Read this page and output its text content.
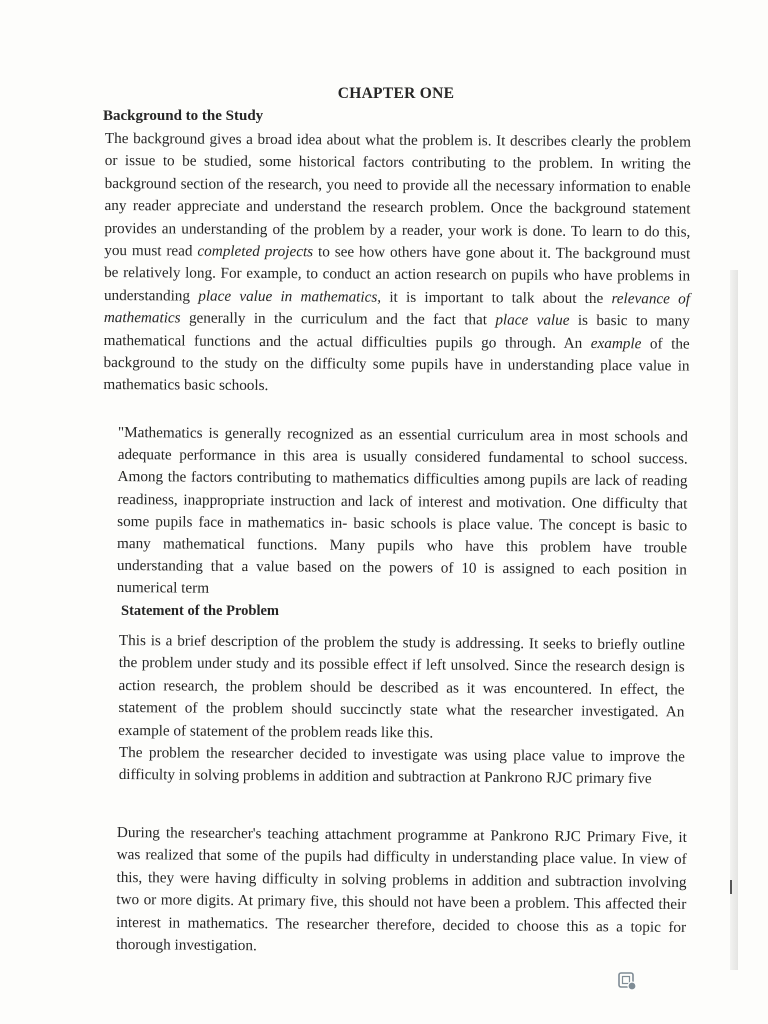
CHAPTER ONE
Background to the Study

The background gives a broad idea about what the problem is. It describes clearly the problem or issue to be studied, some historical factors contributing to the problem. In writing the background section of the research, you need to provide all the necessary information to enable any reader appreciate and understand the research problem. Once the background statement provides an understanding of the problem by a reader, your work is done. To learn to do this, you must read completed projects to see how others have gone about it. The background must be relatively long. For example, to conduct an action research on pupils who have problems in understanding place value in mathematics, it is important to talk about the relevance of mathematics generally in the curriculum and the fact that place value is basic to many mathematical functions and the actual difficulties pupils go through. An example of the background to the study on the difficulty some pupils have in understanding place value in mathematics basic schools.

"Mathematics is generally recognized as an essential curriculum area in most schools and adequate performance in this area is usually considered fundamental to school success. Among the factors contributing to mathematics difficulties among pupils are lack of reading readiness, inappropriate instruction and lack of interest and motivation. One difficulty that some pupils face in mathematics in- basic schools is place value. The concept is basic to many mathematical functions. Many pupils who have this problem have trouble understanding that a value based on the powers of 10 is assigned to each position in numerical term

Statement of the Problem

This is a brief description of the problem the study is addressing. It seeks to briefly outline the problem under study and its possible effect if left unsolved. Since the research design is action research, the problem should be described as it was encountered. In effect, the statement of the problem should succinctly state what the researcher investigated. An example of statement of the problem reads like this.

The problem the researcher decided to investigate was using place value to improve the difficulty in solving problems in addition and subtraction at Pankrono RJC primary five

During the researcher's teaching attachment programme at Pankrono RJC Primary Five, it was realized that some of the pupils had difficulty in understanding place value. In view of this, they were having difficulty in solving problems in addition and subtraction involving two or more digits. At primary five, this should not have been a problem. This affected their interest in mathematics. The researcher therefore, decided to choose this as a topic for thorough investigation.
